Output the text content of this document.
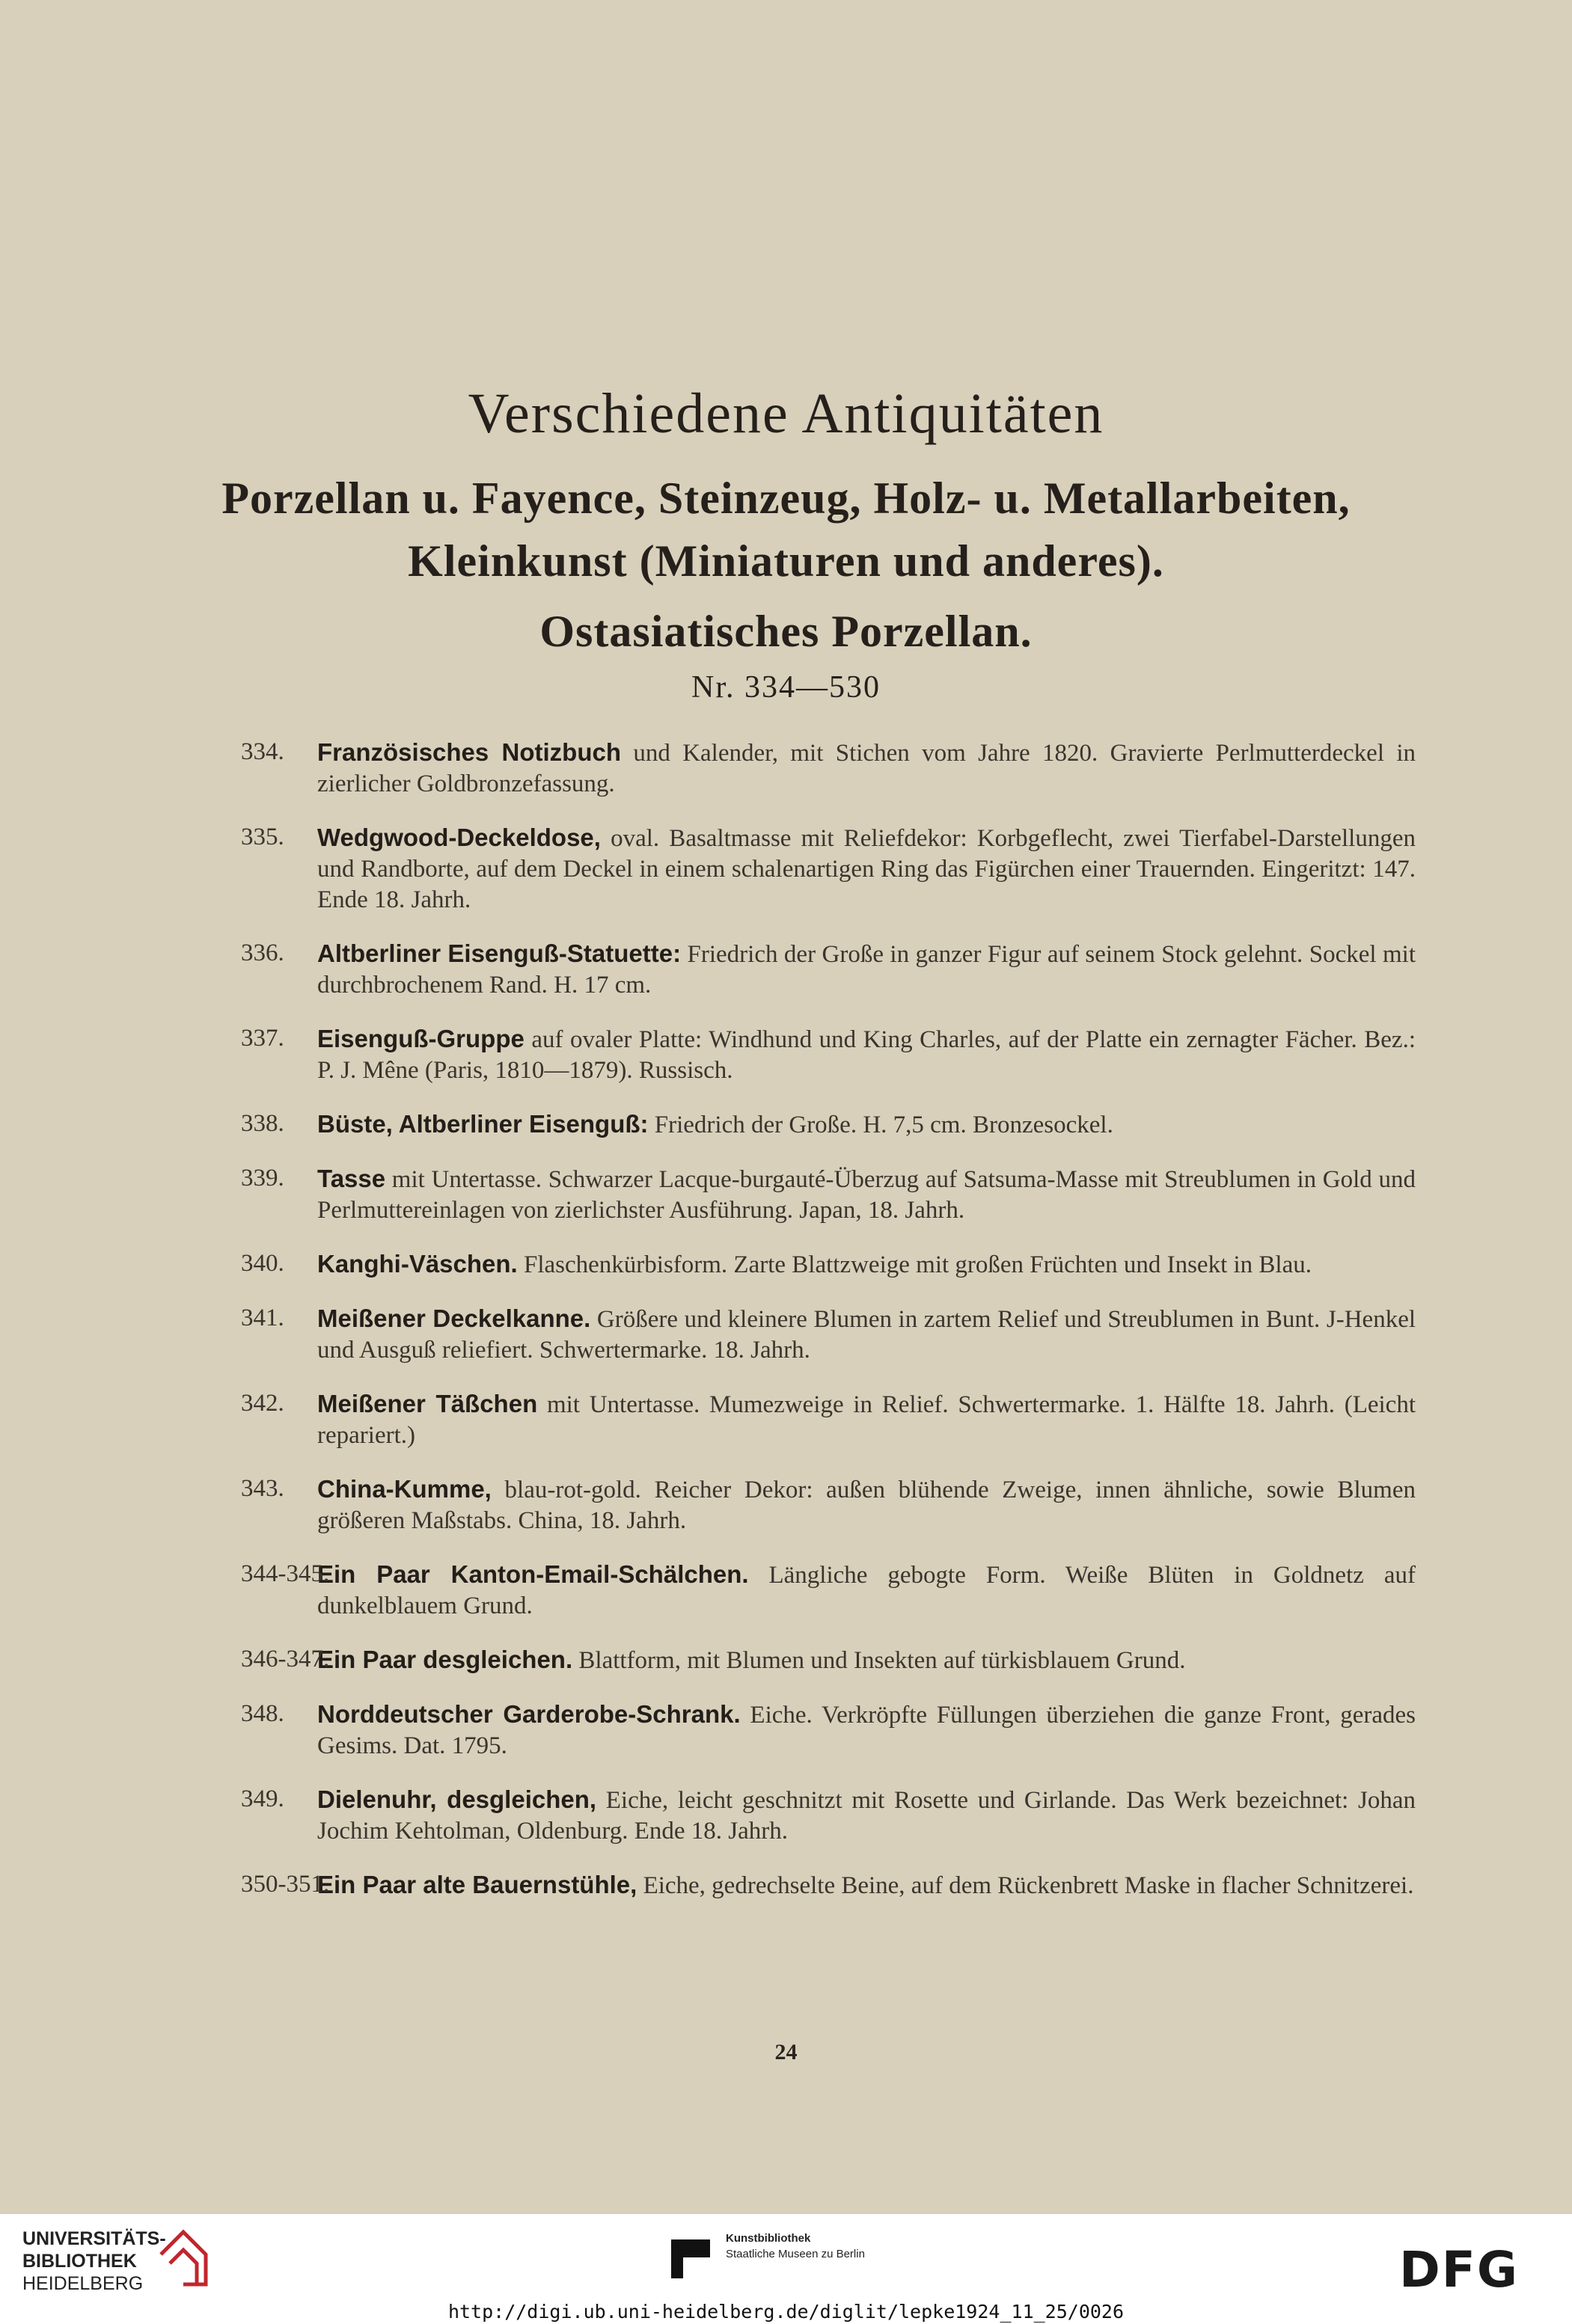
Verschiedene Antiquitäten
Porzellan u. Fayence, Steinzeug, Holz- u. Metallarbeiten,
Kleinkunst (Miniaturen und anderes).
Ostasiatisches Porzellan.
Nr. 334—530
334. Französisches Notizbuch und Kalender, mit Stichen vom Jahre 1820. Gravierte Perlmutterdeckel in zierlicher Goldbronzefassung.
335. Wedgwood-Deckeldose, oval. Basaltmasse mit Reliefdekor: Korbgeflecht, zwei Tierfabel-Darstellungen und Randborte, auf dem Deckel in einem schalenartigen Ring das Figürchen einer Trauernden. Eingeritzt: 147. Ende 18. Jahrh.
336. Altberliner Eisenguß-Statuette: Friedrich der Große in ganzer Figur auf seinem Stock gelehnt. Sockel mit durchbrochenem Rand. H. 17 cm.
337. Eisenguß-Gruppe auf ovaler Platte: Windhund und King Charles, auf der Platte ein zernagter Fächer. Bez.: P. J. Mêne (Paris, 1810—1879). Russisch.
338. Büste, Altberliner Eisenguß: Friedrich der Große. H. 7,5 cm. Bronzesockel.
339. Tasse mit Untertasse. Schwarzer Lacque-burgauté-Überzug auf Satsuma-Masse mit Streublumen in Gold und Perlmuttereinlagen von zierlichster Ausführung. Japan, 18. Jahrh.
340. Kanghi-Väschen. Flaschenkürbisform. Zarte Blattzweige mit großen Früchten und Insekt in Blau.
341. Meißener Deckelkanne. Größere und kleinere Blumen in zartem Relief und Streublumen in Bunt. J-Henkel und Ausguß reliefiert. Schwertermarke. 18. Jahrh.
342. Meißener Täßchen mit Untertasse. Mumezweige in Relief. Schwertermarke. 1. Hälfte 18. Jahrh. (Leicht repariert.)
343. China-Kumme, blau-rot-gold. Reicher Dekor: außen blühende Zweige, innen ähnliche, sowie Blumen größeren Maßstabs. China, 18. Jahrh.
344-345.
Ein Paar Kanton-Email-Schälchen. Längliche gebogte Form. Weiße Blüten in Goldnetz auf dunkelblauem Grund.
346-347.
Ein Paar desgleichen. Blattform, mit Blumen und Insekten auf türkisblauem Grund.
348. Norddeutscher Garderobe-Schrank. Eiche. Verkröpfte Füllungen überziehen die ganze Front, gerades Gesims. Dat. 1795.
349. Dielenuhr, desgleichen, Eiche, leicht geschnitzt mit Rosette und Girlande. Das Werk bezeichnet: Johan Jochim Kehtolman, Oldenburg. Ende 18. Jahrh.
350-351.
Ein Paar alte Bauernstühle, Eiche, gedrechselte Beine, auf dem Rückenbrett Maske in flacher Schnitzerei.
24
UNIVERSITÄTS-
BIBLIOTHEK
HEIDELBERG
Kunstbibliothek
Staatliche Museen zu Berlin	DFG
http://digi.ub.uni-heidelberg.de/diglit/lepke1924_11_25/0026
